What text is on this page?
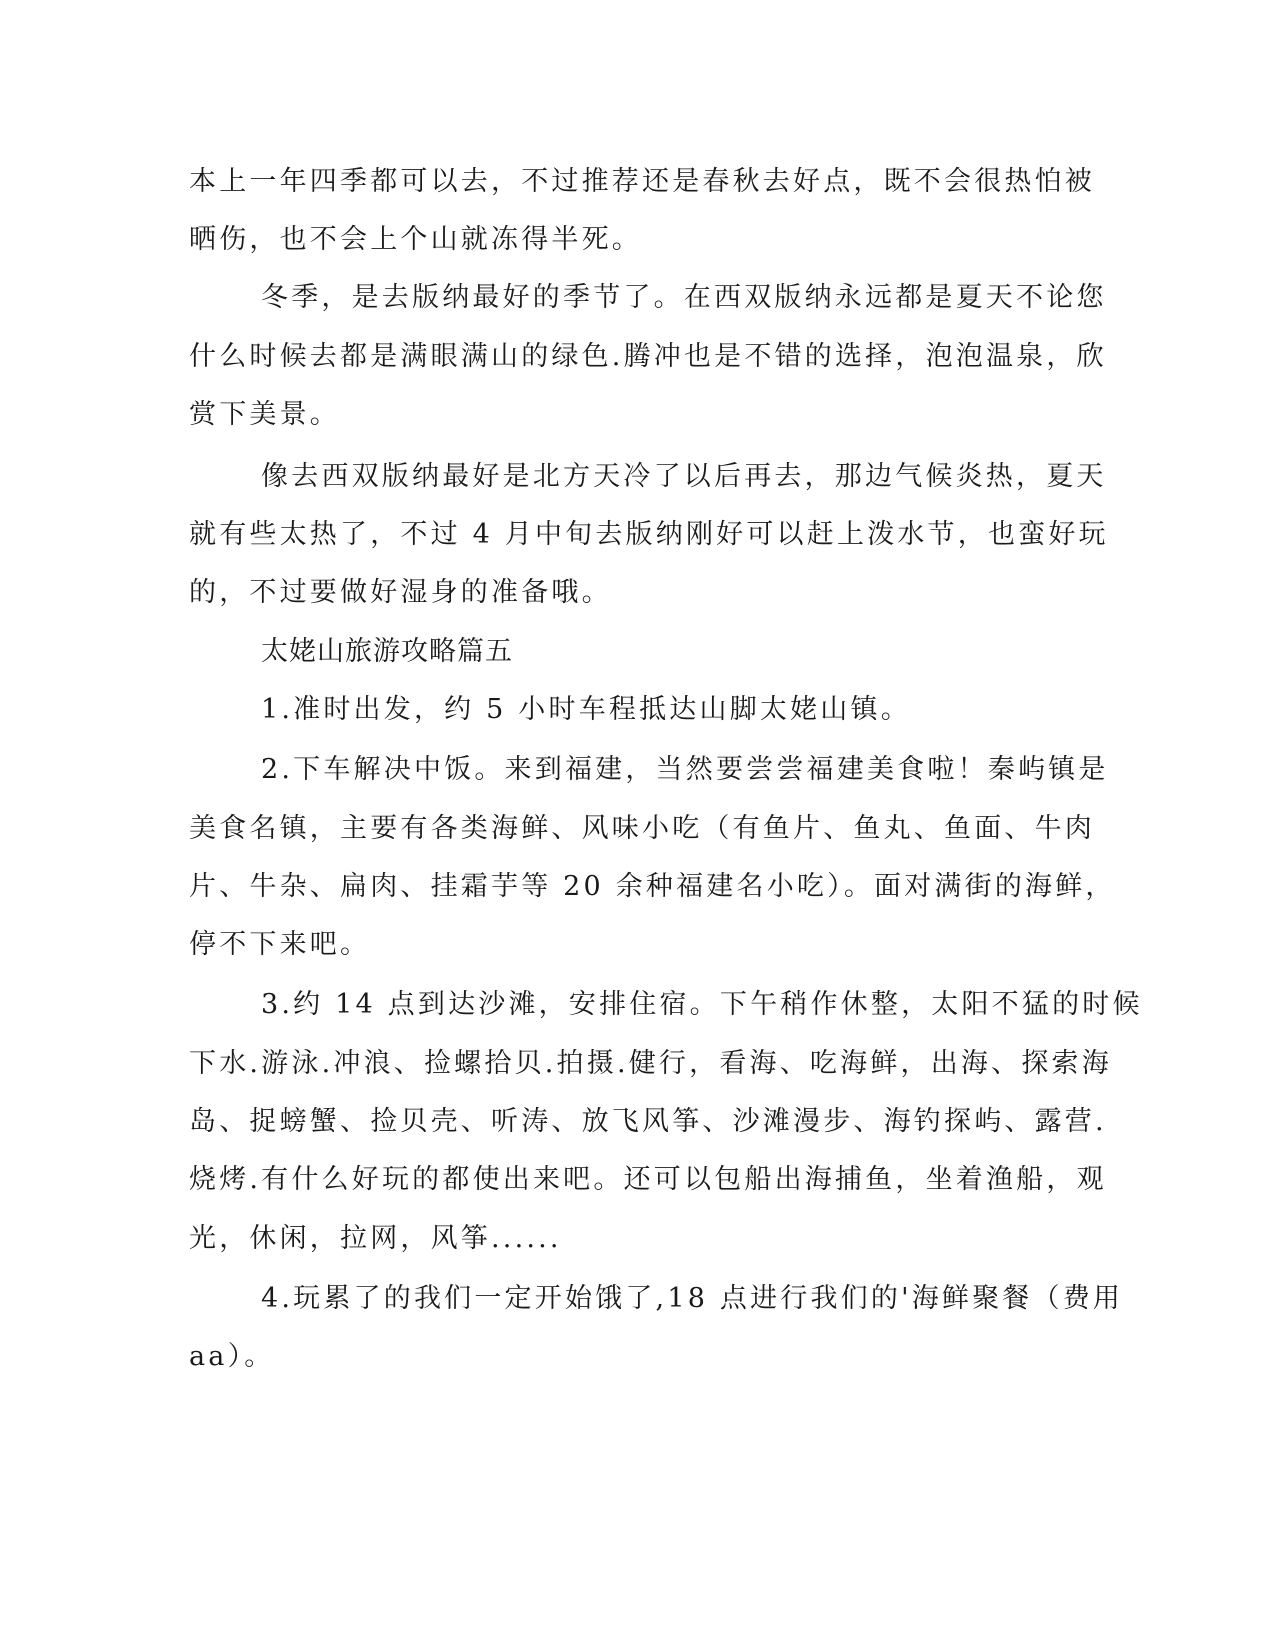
本上一年四季都可以去，不过推荐还是春秋去好点，既不会很热怕被
晒伤，也不会上个山就冻得半死。
冬季，是去版纳最好的季节了。在西双版纳永远都是夏天不论您
什么时候去都是满眼满山的绿色.腾冲也是不错的选择，泡泡温泉，欣
赏下美景。
像去西双版纳最好是北方天冷了以后再去，那边气候炎热，夏天
就有些太热了，不过 4 月中旬去版纳刚好可以赶上泼水节，也蛮好玩
的，不过要做好湿身的准备哦。
太姥山旅游攻略篇五
1.准时出发，约 5 小时车程抵达山脚太姥山镇。
2.下车解决中饭。来到福建，当然要尝尝福建美食啦！秦屿镇是
美食名镇，主要有各类海鲜、风味小吃（有鱼片、鱼丸、鱼面、牛肉
片、牛杂、扁肉、挂霜芋等 20 余种福建名小吃）。面对满街的海鲜，
停不下来吧。
3.约 14 点到达沙滩，安排住宿。下午稍作休整，太阳不猛的时候
下水.游泳.冲浪、捡螺拾贝.拍摄.健行，看海、吃海鲜，出海、探索海
岛、捉螃蟹、捡贝壳、听涛、放飞风筝、沙滩漫步、海钓探屿、露营.
烧烤.有什么好玩的都使出来吧。还可以包船出海捕鱼，坐着渔船，观
光，休闲，拉网，风筝......
4.玩累了的我们一定开始饿了,18 点进行我们的'海鲜聚餐（费用
aa）。
